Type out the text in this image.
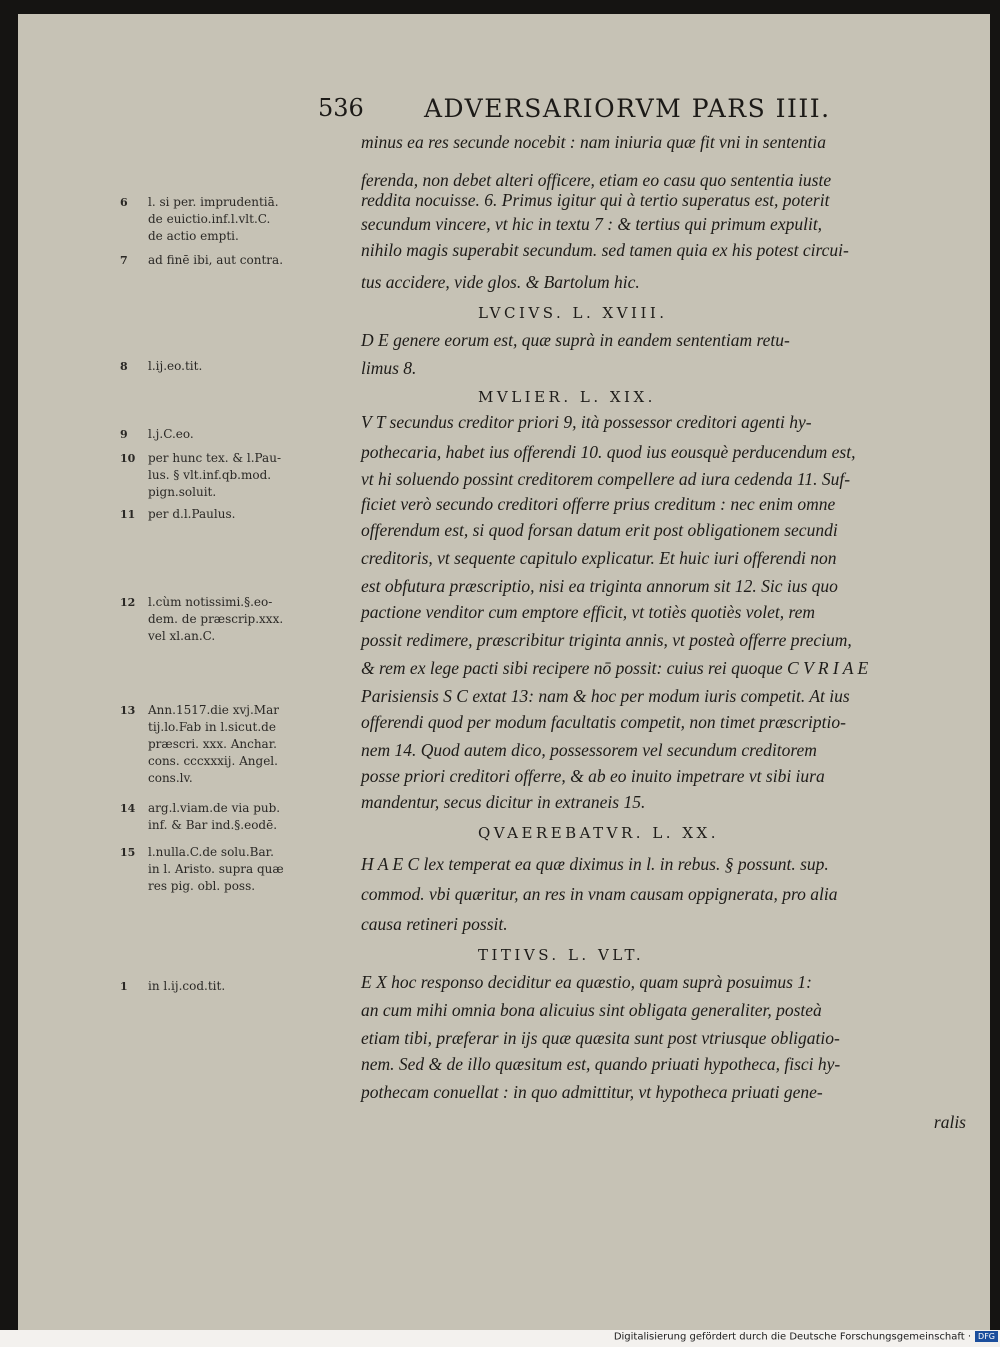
536 ADVERSARIORVM PARS IIII.
minus ea res secunde nocebit : nam iniuria quæ fit vni in sententia
ferenda, non debet alteri officere, etiam eo casu quo sententia iuste
reddita nocuisse. 6. Primus igitur qui à tertio superatus est, poterit
secundum vincere, vt hic in textu 7 : & tertius qui primum expulit,
nihilo magis superabit secundum. sed tamen quia ex his potest circui-
tus accidere, vide glos. & Bartolum hic.
LVCIVS. L. XVIII.
D E genere eorum est, quæ suprà in eandem sententiam retu-
limus 8.
MVLIER. L. XIX.
V T secundus creditor priori 9, ità possessor creditori agenti hy-
pothecaria, habet ius offerendi 10. quod ius eousquè perducendum est,
vt hi soluendo possint creditorem compellere ad iura cedenda 11. Suf-
ficiet verò secundo creditori offerre prius creditum : nec enim omne
offerendum est, si quod forsan datum erit post obligationem secundi
creditoris, vt sequente capitulo explicatur. Et huic iuri offerendi non
est obfutura præscriptio, nisi ea triginta annorum sit 12. Sic ius quo
pactione venditor cum emptore efficit, vt totiès quotiès volet, rem
possit redimere, præscribitur triginta annis, vt posteà offerre precium,
& rem ex lege pacti sibi recipere nō possit: cuius rei quoque C V R I A E
Parisiensis S C extat 13: nam & hoc per modum iuris competit. At ius
offerendi quod per modum facultatis competit, non timet præscriptio-
nem 14. Quod autem dico, possessorem vel secundum creditorem
posse priori creditori offerre, & ab eo inuito impetrare vt sibi iura
mandentur, secus dicitur in extraneis 15.
QVAEREBATVR. L. XX.
H A E C lex temperat ea quæ diximus in l. in rebus. § possunt. sup.
commod. vbi quæritur, an res in vnam causam oppignerata, pro alia
causa retineri possit.
TITIVS. L. VLT.
E X hoc responso deciditur ea quæstio, quam suprà posuimus 1:
an cum mihi omnia bona alicuius sint obligata generaliter, posteà
etiam tibi, præferar in ijs quæ quæsita sunt post vtriusque obligatio-
nem. Sed & de illo quæsitum est, quando priuati hypotheca, fisci hy-
pothecam conuellat : in quo admittitur, vt hypotheca priuati gene-
ralis
6 l. si per. imprudentiā.
de euictio.inf.l.vlt.C.
de actio empti.
7 ad finē ibi, aut contra.
8 l.ij.eo.tit.
9 l.j.C.eo.
10 per hunc tex. & l.Pau-
lus. § vlt.inf.qb.mod.
pign.soluit.
11 per d.l.Paulus.
12 l.cùm notissimi.§.eo-
dem. de præscrip.xxx.
vel xl.an.C.
13 Ann.1517.die xvj.Mar
tij.lo.Fab in l.sicut.de
præscri. xxx. Anchar.
cons. cccxxxij. Angel.
cons.lv.
14 arg.l.viam.de via pub.
inf. & Bar ind.§.eodē.
15 l.nulla.C.de solu.Bar.
in l. Aristo. supra quæ
res pig. obl. poss.
1 in l.ij.cod.tit.
Digitalisierung gefördert durch die Deutsche Forschungsgemeinschaft · DFG
